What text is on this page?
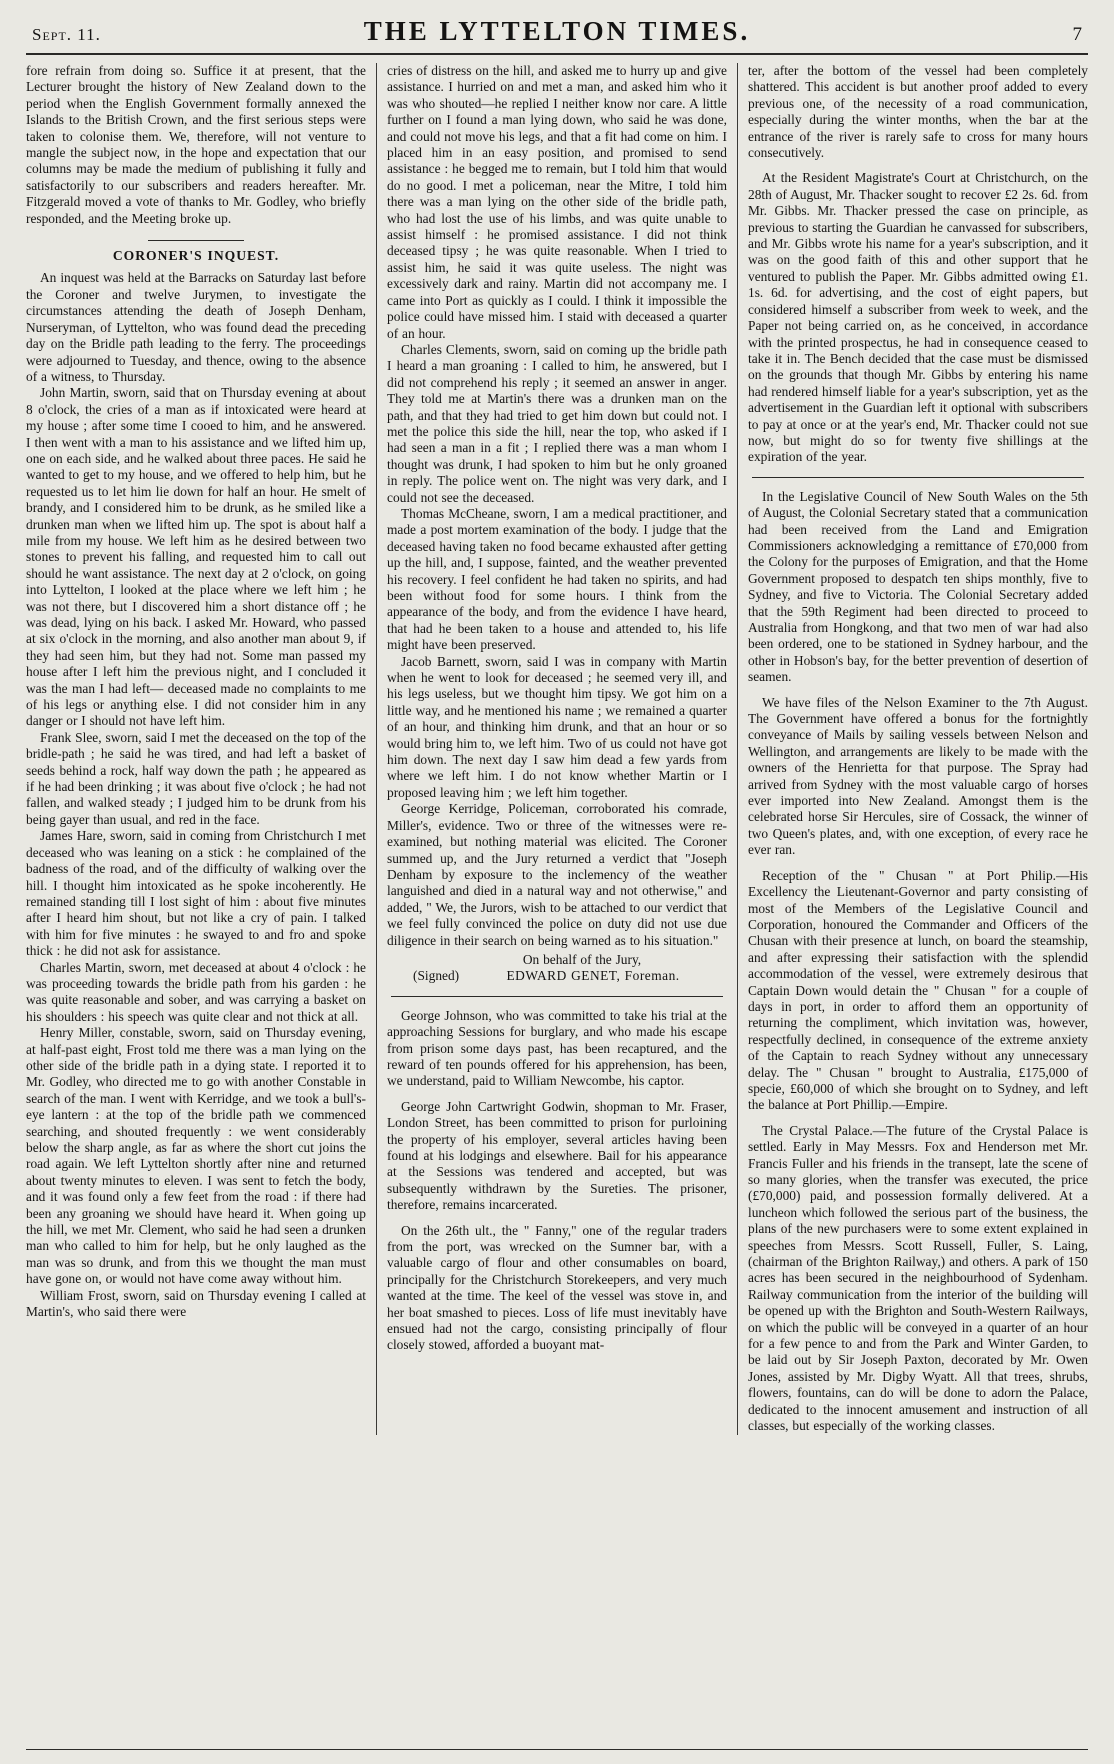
Sept. 11.	THE LYTTELTON TIMES.	7

fore refrain from doing so. Suffice it at present, that the Lecturer brought the history of New Zealand down to the period when the English Government formally annexed the Islands to the British Crown, and the first serious steps were taken to colonise them. We, therefore, will not venture to mangle the subject now, in the hope and expectation that our columns may be made the medium of publishing it fully and satisfactorily to our subscribers and readers hereafter. Mr. Fitzgerald moved a vote of thanks to Mr. Godley, who briefly responded, and the Meeting broke up.

CORONER'S INQUEST.

An inquest was held at the Barracks on Saturday last before the Coroner and twelve Jurymen, to investigate the circumstances attending the death of Joseph Denham, Nurseryman, of Lyttelton, who was found dead the preceding day on the Bridle path leading to the ferry. The proceedings were adjourned to Tuesday, and thence, owing to the absence of a witness, to Thursday.

John Martin, sworn, said that on Thursday evening at about 8 o'clock, the cries of a man as if intoxicated were heard at my house ; after some time I cooed to him, and he answered. I then went with a man to his assistance and we lifted him up, one on each side, and he walked about three paces. He said he wanted to get to my house, and we offered to help him, but he requested us to let him lie down for half an hour. He smelt of brandy, and I considered him to be drunk, as he smiled like a drunken man when we lifted him up. The spot is about half a mile from my house. We left him as he desired between two stones to prevent his falling, and requested him to call out should he want assistance. The next day at 2 o'clock, on going into Lyttelton, I looked at the place where we left him ; he was not there, but I discovered him a short distance off ; he was dead, lying on his back. I asked Mr. Howard, who passed at six o'clock in the morning, and also another man about 9, if they had seen him, but they had not. Some man passed my house after I left him the previous night, and I concluded it was the man I had left— deceased made no complaints to me of his legs or anything else. I did not consider him in any danger or I should not have left him.

Frank Slee, sworn, said I met the deceased on the top of the bridle-path ; he said he was tired, and had left a basket of seeds behind a rock, half way down the path ; he appeared as if he had been drinking ; it was about five o'clock ; he had not fallen, and walked steady ; I judged him to be drunk from his being gayer than usual, and red in the face.

James Hare, sworn, said in coming from Christchurch I met deceased who was leaning on a stick : he complained of the badness of the road, and of the difficulty of walking over the hill. I thought him intoxicated as he spoke incoherently. He remained standing till I lost sight of him : about five minutes after I heard him shout, but not like a cry of pain. I talked with him for five minutes : he swayed to and fro and spoke thick : he did not ask for assistance.

Charles Martin, sworn, met deceased at about 4 o'clock : he was proceeding towards the bridle path from his garden : he was quite reasonable and sober, and was carrying a basket on his shoulders : his speech was quite clear and not thick at all.

Henry Miller, constable, sworn, said on Thursday evening, at half-past eight, Frost told me there was a man lying on the other side of the bridle path in a dying state. I reported it to Mr. Godley, who directed me to go with another Constable in search of the man. I went with Kerridge, and we took a bull's-eye lantern : at the top of the bridle path we commenced searching, and shouted frequently : we went considerably below the sharp angle, as far as where the short cut joins the road again. We left Lyttelton shortly after nine and returned about twenty minutes to eleven. I was sent to fetch the body, and it was found only a few feet from the road : if there had been any groaning we should have heard it. When going up the hill, we met Mr. Clement, who said he had seen a drunken man who called to him for help, but he only laughed as the man was so drunk, and from this we thought the man must have gone on, or would not have come away without him.

William Frost, sworn, said on Thursday evening I called at Martin's, who said there were

cries of distress on the hill, and asked me to hurry up and give assistance. I hurried on and met a man, and asked him who it was who shouted—he replied I neither know nor care. A little further on I found a man lying down, who said he was done, and could not move his legs, and that a fit had come on him. I placed him in an easy position, and promised to send assistance : he begged me to remain, but I told him that would do no good. I met a policeman, near the Mitre, I told him there was a man lying on the other side of the bridle path, who had lost the use of his limbs, and was quite unable to assist himself : he promised assistance. I did not think deceased tipsy ; he was quite reasonable. When I tried to assist him, he said it was quite useless. The night was excessively dark and rainy. Martin did not accompany me. I came into Port as quickly as I could. I think it impossible the police could have missed him. I staid with deceased a quarter of an hour.

Charles Clements, sworn, said on coming up the bridle path I heard a man groaning : I called to him, he answered, but I did not comprehend his reply ; it seemed an answer in anger. They told me at Martin's there was a drunken man on the path, and that they had tried to get him down but could not. I met the police this side the hill, near the top, who asked if I had seen a man in a fit ; I replied there was a man whom I thought was drunk, I had spoken to him but he only groaned in reply. The police went on. The night was very dark, and I could not see the deceased.

Thomas McCheane, sworn, I am a medical practitioner, and made a post mortem examination of the body. I judge that the deceased having taken no food became exhausted after getting up the hill, and, I suppose, fainted, and the weather prevented his recovery. I feel confident he had taken no spirits, and had been without food for some hours. I think from the appearance of the body, and from the evidence I have heard, that had he been taken to a house and attended to, his life might have been preserved.

Jacob Barnett, sworn, said I was in company with Martin when he went to look for deceased ; he seemed very ill, and his legs useless, but we thought him tipsy. We got him on a little way, and he mentioned his name ; we remained a quarter of an hour, and thinking him drunk, and that an hour or so would bring him to, we left him. Two of us could not have got him down. The next day I saw him dead a few yards from where we left him. I do not know whether Martin or I proposed leaving him ; we left him together.

George Kerridge, Policeman, corroborated his comrade, Miller's, evidence. Two or three of the witnesses were re-examined, but nothing material was elicited. The Coroner summed up, and the Jury returned a verdict that "Joseph Denham by exposure to the inclemency of the weather languished and died in a natural way and not otherwise," and added, " We, the Jurors, wish to be attached to our verdict that we feel fully convinced the police on duty did not use due diligence in their search on being warned as to his situation."

On behalf of the Jury,
(Signed)	EDWARD GENET, Foreman.

George Johnson, who was committed to take his trial at the approaching Sessions for burglary, and who made his escape from prison some days past, has been recaptured, and the reward of ten pounds offered for his apprehension, has been, we understand, paid to William Newcombe, his captor.

George John Cartwright Godwin, shopman to Mr. Fraser, London Street, has been committed to prison for purloining the property of his employer, several articles having been found at his lodgings and elsewhere. Bail for his appearance at the Sessions was tendered and accepted, but was subsequently withdrawn by the Sureties. The prisoner, therefore, remains incarcerated.

On the 26th ult., the " Fanny," one of the regular traders from the port, was wrecked on the Sumner bar, with a valuable cargo of flour and other consumables on board, principally for the Christchurch Storekeepers, and very much wanted at the time. The keel of the vessel was stove in, and her boat smashed to pieces. Loss of life must inevitably have ensued had not the cargo, consisting principally of flour closely stowed, afforded a buoyant mat-

ter, after the bottom of the vessel had been completely shattered. This accident is but another proof added to every previous one, of the necessity of a road communication, especially during the winter months, when the bar at the entrance of the river is rarely safe to cross for many hours consecutively.

At the Resident Magistrate's Court at Christchurch, on the 28th of August, Mr. Thacker sought to recover £2 2s. 6d. from Mr. Gibbs. Mr. Thacker pressed the case on principle, as previous to starting the Guardian he canvassed for subscribers, and Mr. Gibbs wrote his name for a year's subscription, and it was on the good faith of this and other support that he ventured to publish the Paper. Mr. Gibbs admitted owing £1. 1s. 6d. for advertising, and the cost of eight papers, but considered himself a subscriber from week to week, and the Paper not being carried on, as he conceived, in accordance with the printed prospectus, he had in consequence ceased to take it in. The Bench decided that the case must be dismissed on the grounds that though Mr. Gibbs by entering his name had rendered himself liable for a year's subscription, yet as the advertisement in the Guardian left it optional with subscribers to pay at once or at the year's end, Mr. Thacker could not sue now, but might do so for twenty five shillings at the expiration of the year.

In the Legislative Council of New South Wales on the 5th of August, the Colonial Secretary stated that a communication had been received from the Land and Emigration Commissioners acknowledging a remittance of £70,000 from the Colony for the purposes of Emigration, and that the Home Government proposed to despatch ten ships monthly, five to Sydney, and five to Victoria. The Colonial Secretary added that the 59th Regiment had been directed to proceed to Australia from Hongkong, and that two men of war had also been ordered, one to be stationed in Sydney harbour, and the other in Hobson's bay, for the better prevention of desertion of seamen.

We have files of the Nelson Examiner to the 7th August. The Government have offered a bonus for the fortnightly conveyance of Mails by sailing vessels between Nelson and Wellington, and arrangements are likely to be made with the owners of the Henrietta for that purpose. The Spray had arrived from Sydney with the most valuable cargo of horses ever imported into New Zealand. Amongst them is the celebrated horse Sir Hercules, sire of Cossack, the winner of two Queen's plates, and, with one exception, of every race he ever ran.

Reception of the " Chusan " at Port Philip.—His Excellency the Lieutenant-Governor and party consisting of most of the Members of the Legislative Council and Corporation, honoured the Commander and Officers of the Chusan with their presence at lunch, on board the steamship, and after expressing their satisfaction with the splendid accommodation of the vessel, were extremely desirous that Captain Down would detain the " Chusan " for a couple of days in port, in order to afford them an opportunity of returning the compliment, which invitation was, however, respectfully declined, in consequence of the extreme anxiety of the Captain to reach Sydney without any unnecessary delay. The " Chusan " brought to Australia, £175,000 of specie, £60,000 of which she brought on to Sydney, and left the balance at Port Phillip.—Empire.

The Crystal Palace.—The future of the Crystal Palace is settled. Early in May Messrs. Fox and Henderson met Mr. Francis Fuller and his friends in the transept, late the scene of so many glories, when the transfer was executed, the price (£70,000) paid, and possession formally delivered. At a luncheon which followed the serious part of the business, the plans of the new purchasers were to some extent explained in speeches from Messrs. Scott Russell, Fuller, S. Laing, (chairman of the Brighton Railway,) and others. A park of 150 acres has been secured in the neighbourhood of Sydenham. Railway communication from the interior of the building will be opened up with the Brighton and South-Western Railways, on which the public will be conveyed in a quarter of an hour for a few pence to and from the Park and Winter Garden, to be laid out by Sir Joseph Paxton, decorated by Mr. Owen Jones, assisted by Mr. Digby Wyatt. All that trees, shrubs, flowers, fountains, can do will be done to adorn the Palace, dedicated to the innocent amusement and instruction of all classes, but especially of the working classes.
